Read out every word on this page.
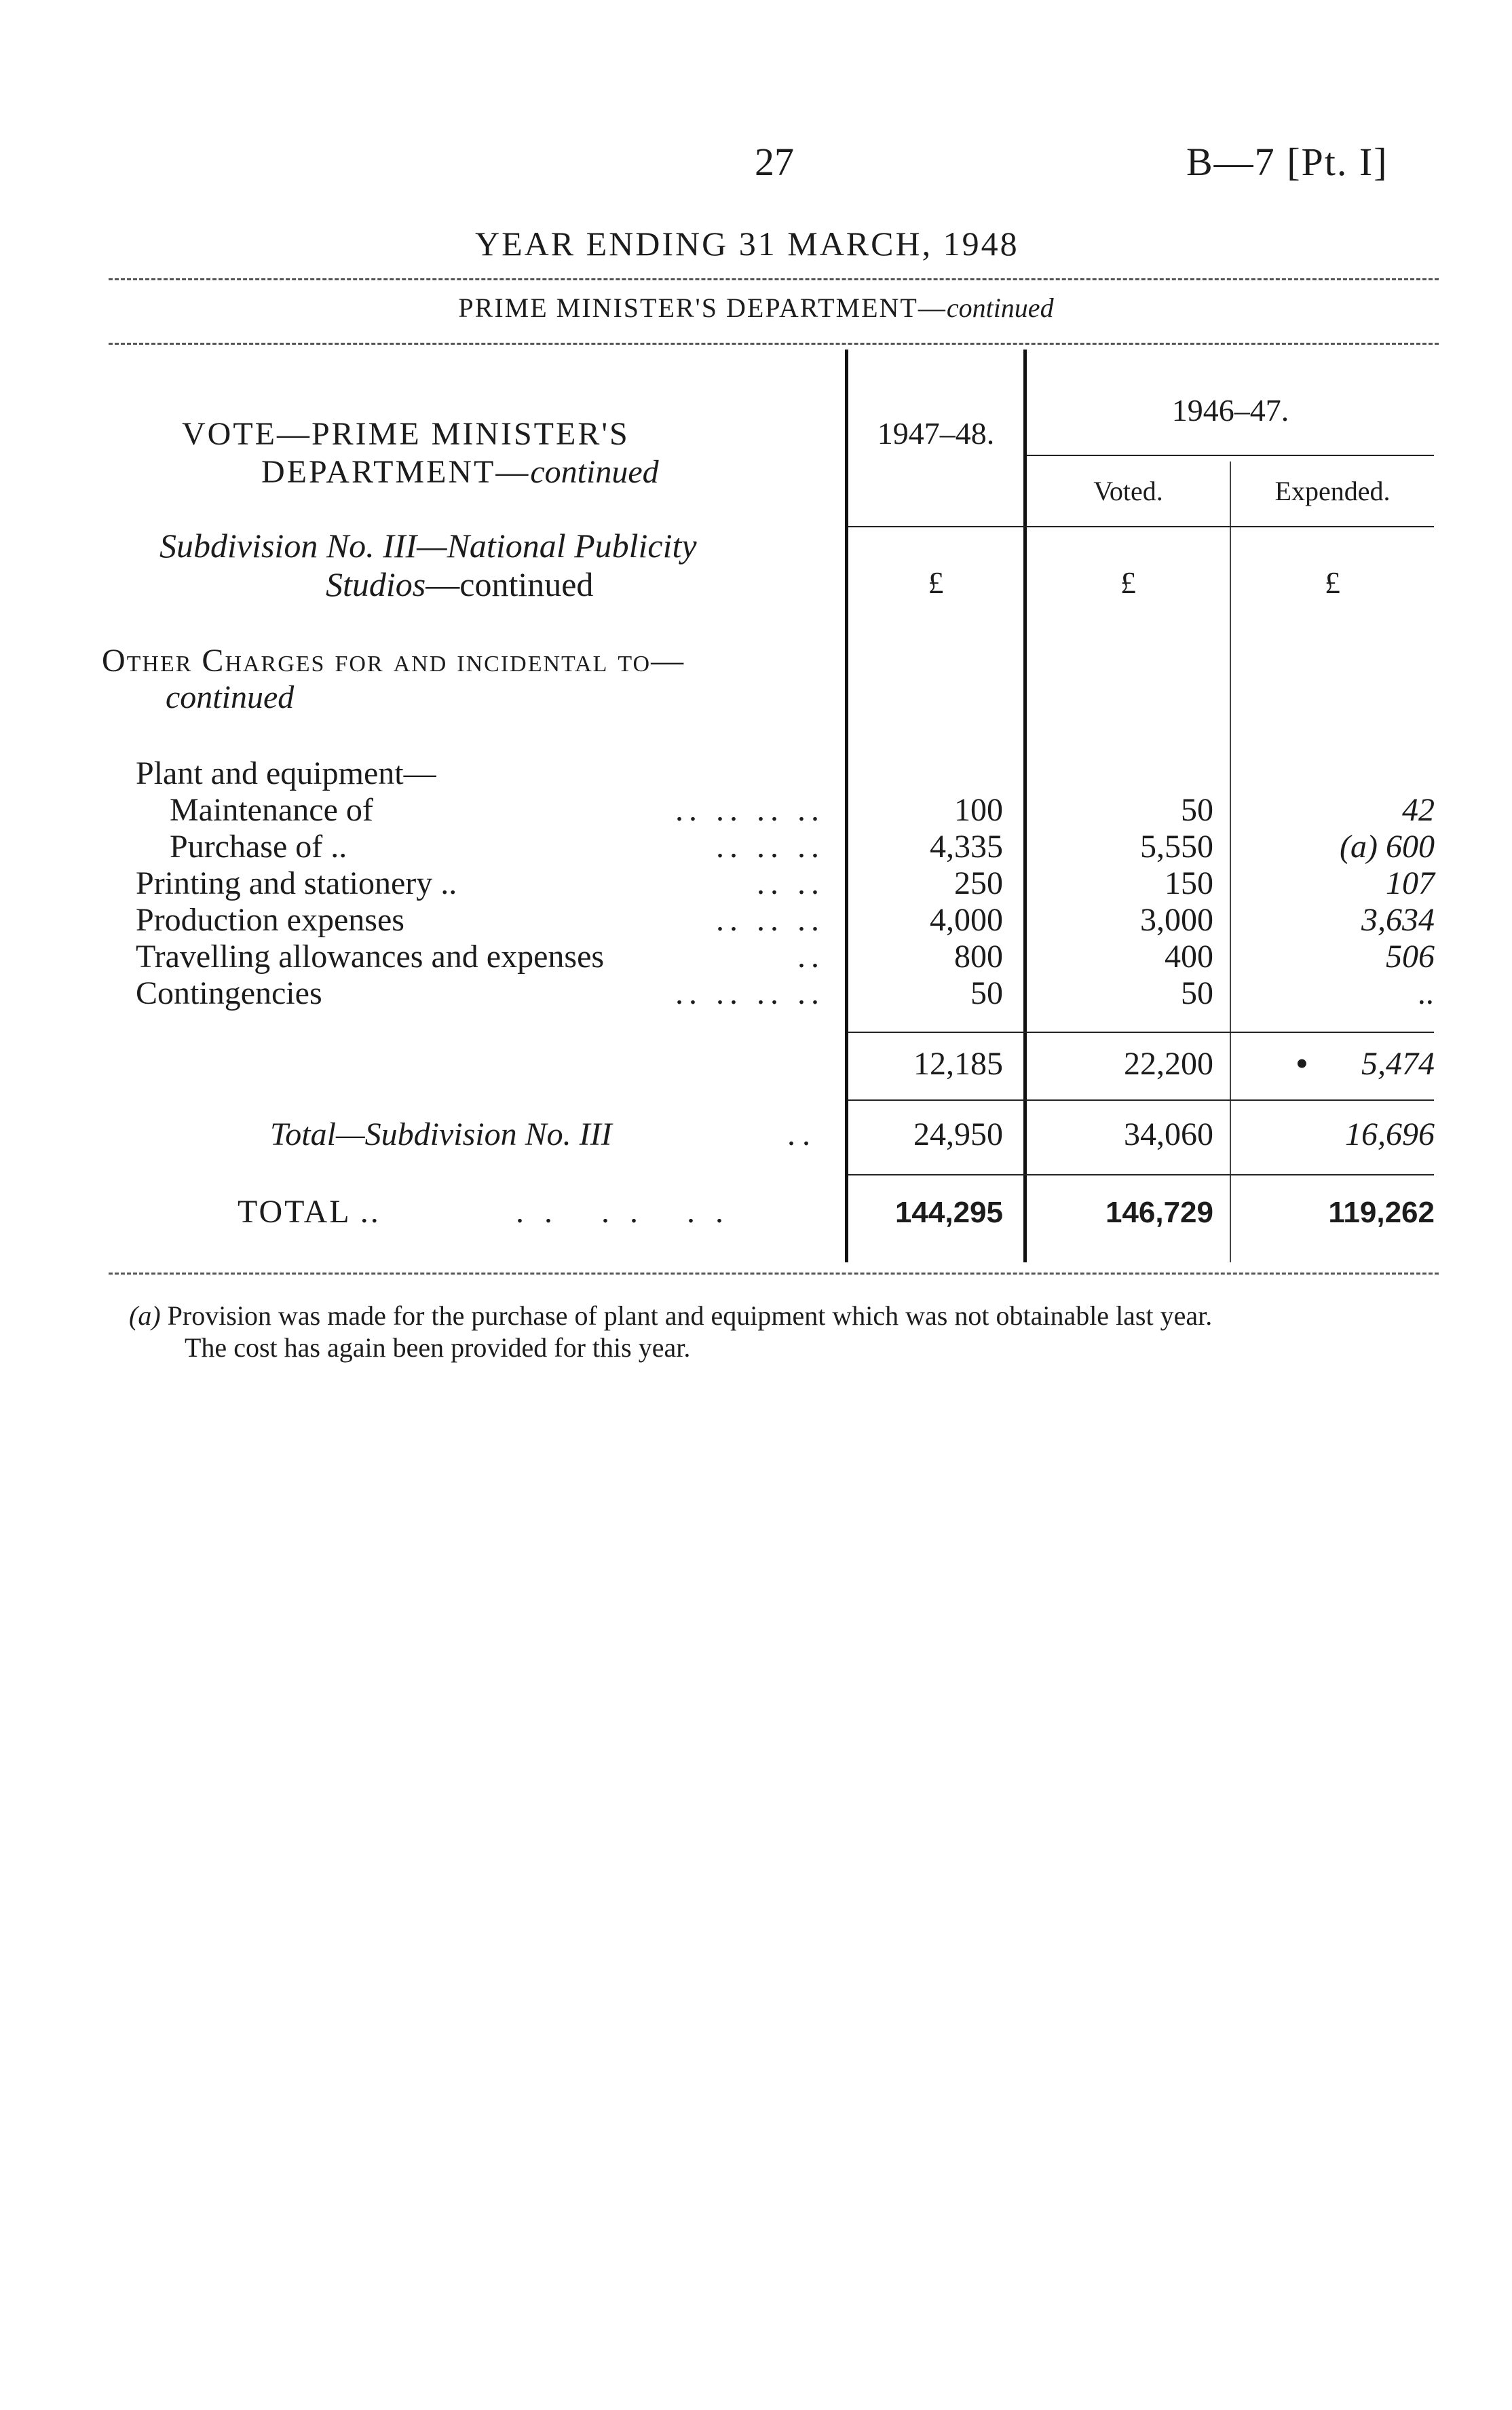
27	B—7 [Pt. I]
YEAR ENDING 31 MARCH, 1948
PRIME MINISTER'S DEPARTMENT—continued
1947–48.
1946–47.
Voted.	Expended.
£	£	£
VOTE—PRIME MINISTER'S
DEPARTMENT—continued
Subdivision No. III—National Publicity
Studios—continued
Other Charges for and incidental to—
continued
Plant and equipment—
Maintenance of	.. .. .. ..	100	50	42
Purchase of ..	.. .. ..	4,335	5,550	(a) 600
Printing and stationery ..	.. ..	250	150	107
Production expenses	.. .. ..	4,000	3,000	3,634
Travelling allowances and expenses	..	800	400	506
Contingencies	.. .. .. ..	50	50	..
12,185	22,200	5,474
•
Total—Subdivision No. III	..	24,950	34,060	16,696
TOTAL ..	.. .. ..	144,295	146,729	119,262
(a) Provision was made for the purchase of plant and equipment which was not obtainable last year.
The cost has again been provided for this year.
